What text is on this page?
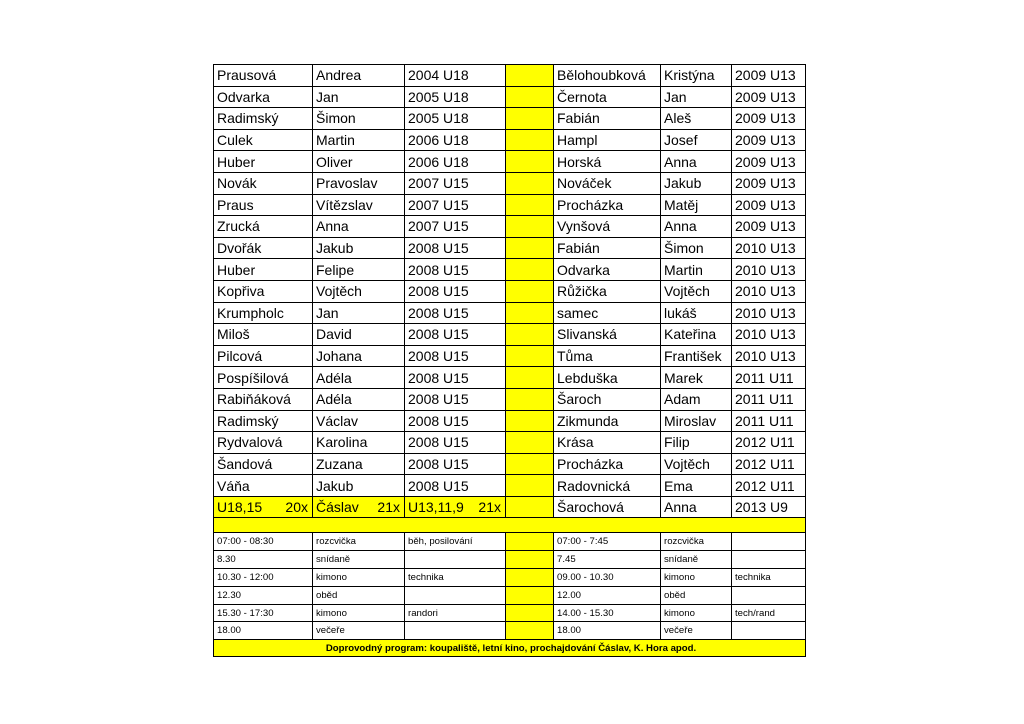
Prausová	Andrea	2004 U18		Bělohoubková	Kristýna	2009 U13
Odvarka	Jan	2005 U18		Černota	Jan	2009 U13
Radimský	Šimon	2005 U18		Fabián	Aleš	2009 U13
Culek	Martin	2006 U18		Hampl	Josef	2009 U13
Huber	Oliver	2006 U18		Horská	Anna	2009 U13
Novák	Pravoslav	2007 U15		Nováček	Jakub	2009 U13
Praus	Vítězslav	2007 U15		Procházka	Matěj	2009 U13
Zrucká	Anna	2007 U15		Vynšová	Anna	2009 U13
Dvořák	Jakub	2008 U15		Fabián	Šimon	2010 U13
Huber	Felipe	2008 U15		Odvarka	Martin	2010 U13
Kopřiva	Vojtěch	2008 U15		Růžička	Vojtěch	2010 U13
Krumpholc	Jan	2008 U15		samec	lukáš	2010 U13
Miloš	David	2008 U15		Slivanská	Kateřina	2010 U13
Pilcová	Johana	2008 U15		Tůma	František	2010 U13
Pospíšilová	Adéla	2008 U15		Lebduška	Marek	2011 U11
Rabiňáková	Adéla	2008 U15		Šaroch	Adam	2011 U11
Radimský	Václav	2008 U15		Zikmunda	Miroslav	2011 U11
Rydvalová	Karolina	2008 U15		Krása	Filip	2012 U11
Šandová	Zuzana	2008 U15		Procházka	Vojtěch	2012 U11
Váňa	Jakub	2008 U15		Radovnická	Ema	2012 U11

U18,15 20x	Čáslav 21x	U13,11,9 21x		Šarochová	Anna	2013 U9

07:00 - 08:30	rozcvička	běh, posilování		07:00 - 7:45	rozcvička	
8.30	snídaně			7.45	snídaně	
10.30 - 12:00	kimono	technika		09.00 - 10.30	kimono	technika
12.30	oběd			12.00	oběd	
15.30 - 17:30	kimono	randori		14.00 - 15.30	kimono	tech/rand
18.00	večeře			18.00	večeře	
Doprovodný program: koupaliště, letní kino, prochajdování Čáslav, K. Hora apod.						
